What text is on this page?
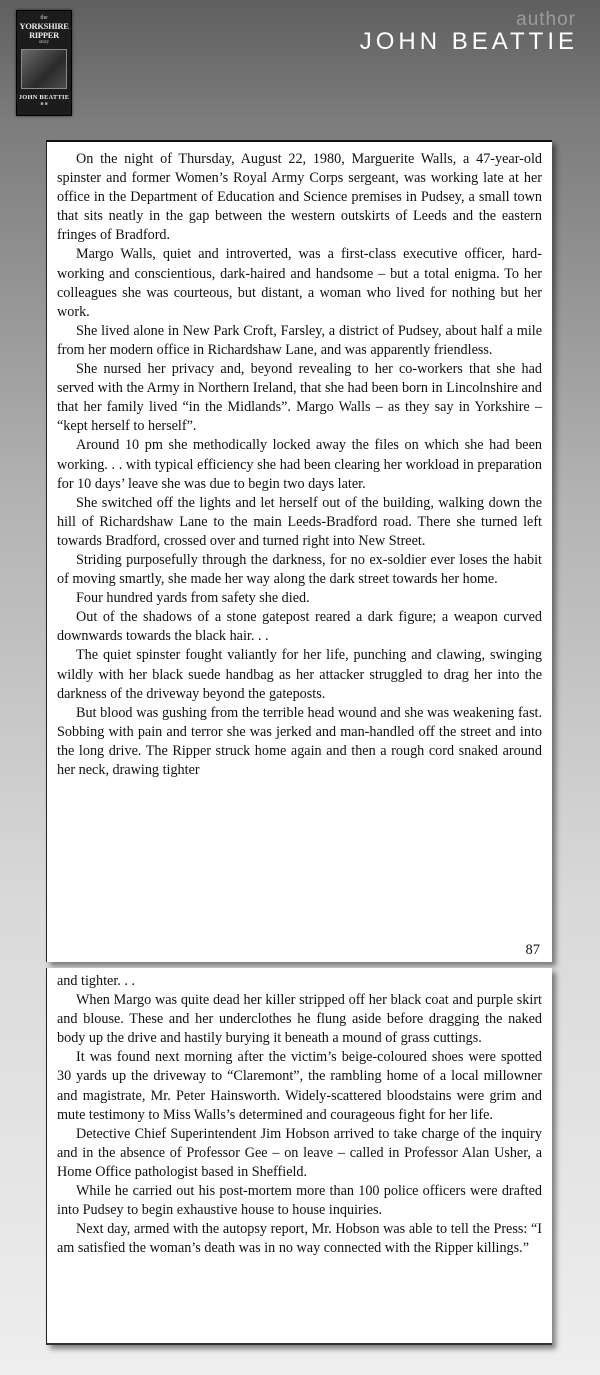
the
YORKSHIRE
RIPPER
story
JOHN BEATTIE
■ ■
author
JOHN BEATTIE

On the night of Thursday, August 22, 1980, Marguerite Walls, a 47-year-old spinster and former Women’s Royal Army Corps sergeant, was working late at her office in the Department of Education and Science premises in Pudsey, a small town that sits neatly in the gap between the western outskirts of Leeds and the eastern fringes of Bradford.

Margo Walls, quiet and introverted, was a first-class executive officer, hard-working and conscientious, dark-haired and handsome – but a total enigma. To her colleagues she was courteous, but distant, a woman who lived for nothing but her work.

She lived alone in New Park Croft, Farsley, a district of Pudsey, about half a mile from her modern office in Richardshaw Lane, and was apparently friendless.

She nursed her privacy and, beyond revealing to her co-workers that she had served with the Army in Northern Ireland, that she had been born in Lincolnshire and that her family lived “in the Midlands”. Margo Walls – as they say in Yorkshire – “kept herself to herself”.

Around 10 pm she methodically locked away the files on which she had been working. . . with typical efficiency she had been clearing her workload in preparation for 10 days’ leave she was due to begin two days later.

She switched off the lights and let herself out of the building, walking down the hill of Richardshaw Lane to the main Leeds-Bradford road. There she turned left towards Bradford, crossed over and turned right into New Street.

Striding purposefully through the darkness, for no ex-soldier ever loses the habit of moving smartly, she made her way along the dark street towards her home.

Four hundred yards from safety she died.

Out of the shadows of a stone gatepost reared a dark figure; a weapon curved downwards towards the black hair. . .

The quiet spinster fought valiantly for her life, punching and clawing, swinging wildly with her black suede handbag as her attacker struggled to drag her into the darkness of the driveway beyond the gateposts.

But blood was gushing from the terrible head wound and she was weakening fast. Sobbing with pain and terror she was jerked and man-handled off the street and into the long drive. The Ripper struck home again and then a rough cord snaked around her neck, drawing tighter

87

and tighter. . .

When Margo was quite dead her killer stripped off her black coat and purple skirt and blouse. These and her underclothes he flung aside before dragging the naked body up the drive and hastily burying it beneath a mound of grass cuttings.

It was found next morning after the victim’s beige-coloured shoes were spotted 30 yards up the driveway to “Claremont”, the rambling home of a local millowner and magistrate, Mr. Peter Hainsworth. Widely-scattered bloodstains were grim and mute testimony to Miss Walls’s determined and courageous fight for her life.

Detective Chief Superintendent Jim Hobson arrived to take charge of the inquiry and in the absence of Professor Gee – on leave – called in Professor Alan Usher, a Home Office pathologist based in Sheffield.

While he carried out his post-mortem more than 100 police officers were drafted into Pudsey to begin exhaustive house to house inquiries.

Next day, armed with the autopsy report, Mr. Hobson was able to tell the Press: “I am satisfied the woman’s death was in no way connected with the Ripper killings.”
